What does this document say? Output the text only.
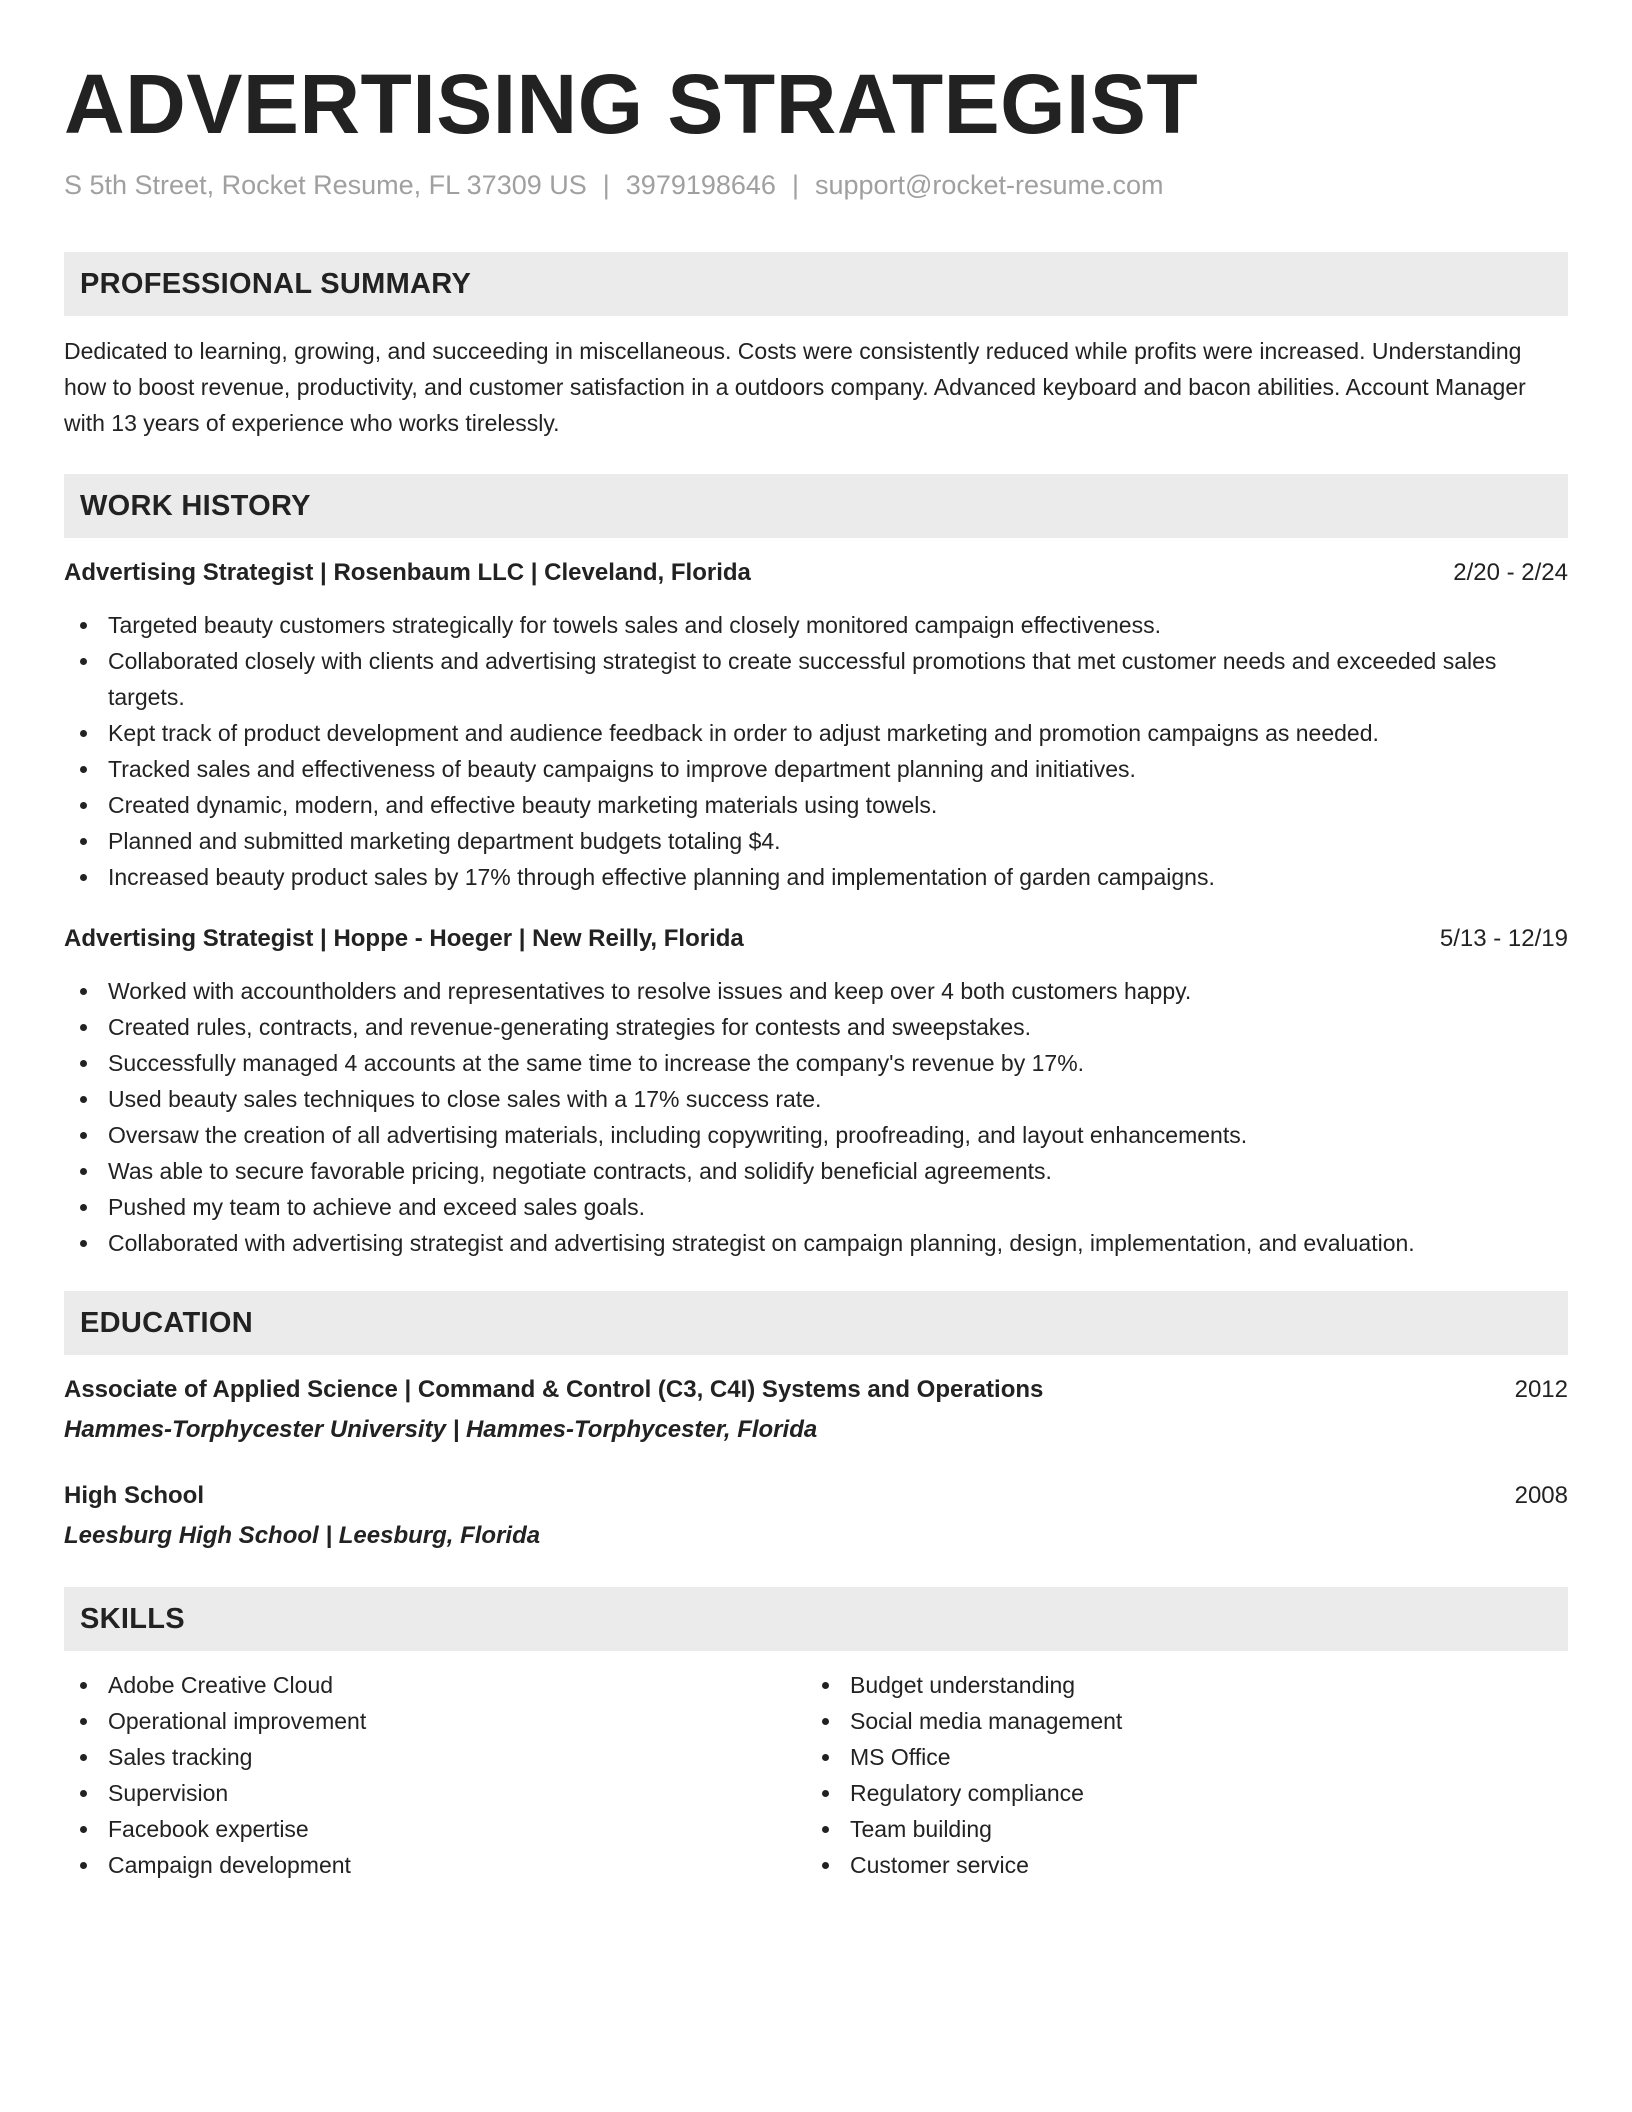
ADVERTISING STRATEGIST
S 5th Street, Rocket Resume, FL 37309 US | 3979198646 | support@rocket-resume.com
PROFESSIONAL SUMMARY

Dedicated to learning, growing, and succeeding in miscellaneous. Costs were consistently reduced while profits were increased. Understanding how to boost revenue, productivity, and customer satisfaction in a outdoors company. Advanced keyboard and bacon abilities. Account Manager with 13 years of experience who works tirelessly.

WORK HISTORY
Advertising Strategist | Rosenbaum LLC | Cleveland, Florida	2/20 - 2/24
Targeted beauty customers strategically for towels sales and closely monitored campaign effectiveness.
Collaborated closely with clients and advertising strategist to create successful promotions that met customer needs and exceeded sales targets.
Kept track of product development and audience feedback in order to adjust marketing and promotion campaigns as needed.
Tracked sales and effectiveness of beauty campaigns to improve department planning and initiatives.
Created dynamic, modern, and effective beauty marketing materials using towels.
Planned and submitted marketing department budgets totaling $4.
Increased beauty product sales by 17% through effective planning and implementation of garden campaigns.
Advertising Strategist | Hoppe - Hoeger | New Reilly, Florida	5/13 - 12/19
Worked with accountholders and representatives to resolve issues and keep over 4 both customers happy.
Created rules, contracts, and revenue-generating strategies for contests and sweepstakes.
Successfully managed 4 accounts at the same time to increase the company's revenue by 17%.
Used beauty sales techniques to close sales with a 17% success rate.
Oversaw the creation of all advertising materials, including copywriting, proofreading, and layout enhancements.
Was able to secure favorable pricing, negotiate contracts, and solidify beneficial agreements.
Pushed my team to achieve and exceed sales goals.
Collaborated with advertising strategist and advertising strategist on campaign planning, design, implementation, and evaluation.
EDUCATION
Associate of Applied Science | Command & Control (C3, C4I) Systems and Operations	2012
Hammes-Torphycester University | Hammes-Torphycester, Florida
High School	2008
Leesburg High School | Leesburg, Florida
SKILLS
Adobe Creative Cloud
Operational improvement
Sales tracking
Supervision
Facebook expertise
Campaign development
Budget understanding
Social media management
MS Office
Regulatory compliance
Team building
Customer service
